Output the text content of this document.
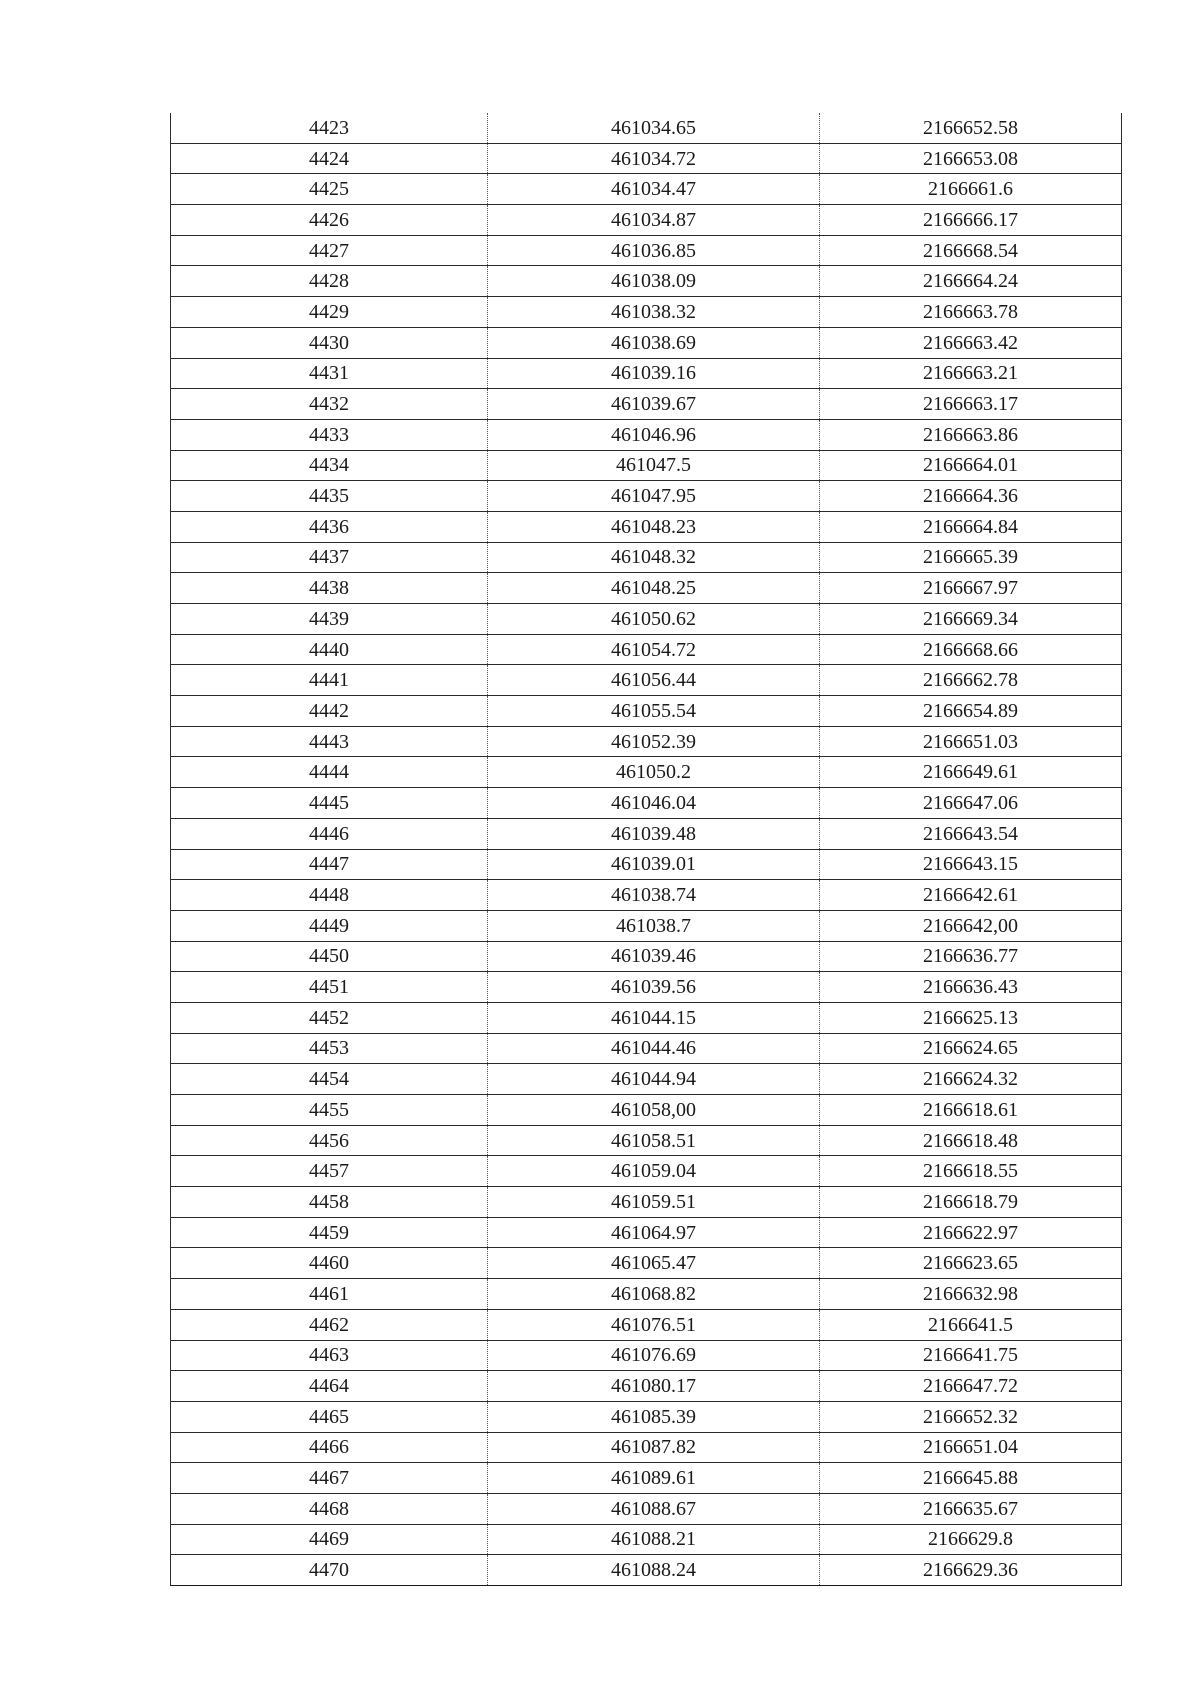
4423	461034.65	2166652.58
4424	461034.72	2166653.08
4425	461034.47	2166661.6
4426	461034.87	2166666.17
4427	461036.85	2166668.54
4428	461038.09	2166664.24
4429	461038.32	2166663.78
4430	461038.69	2166663.42
4431	461039.16	2166663.21
4432	461039.67	2166663.17
4433	461046.96	2166663.86
4434	461047.5	2166664.01
4435	461047.95	2166664.36
4436	461048.23	2166664.84
4437	461048.32	2166665.39
4438	461048.25	2166667.97
4439	461050.62	2166669.34
4440	461054.72	2166668.66
4441	461056.44	2166662.78
4442	461055.54	2166654.89
4443	461052.39	2166651.03
4444	461050.2	2166649.61
4445	461046.04	2166647.06
4446	461039.48	2166643.54
4447	461039.01	2166643.15
4448	461038.74	2166642.61
4449	461038.7	2166642,00
4450	461039.46	2166636.77
4451	461039.56	2166636.43
4452	461044.15	2166625.13
4453	461044.46	2166624.65
4454	461044.94	2166624.32
4455	461058,00	2166618.61
4456	461058.51	2166618.48
4457	461059.04	2166618.55
4458	461059.51	2166618.79
4459	461064.97	2166622.97
4460	461065.47	2166623.65
4461	461068.82	2166632.98
4462	461076.51	2166641.5
4463	461076.69	2166641.75
4464	461080.17	2166647.72
4465	461085.39	2166652.32
4466	461087.82	2166651.04
4467	461089.61	2166645.88
4468	461088.67	2166635.67
4469	461088.21	2166629.8
4470	461088.24	2166629.36
